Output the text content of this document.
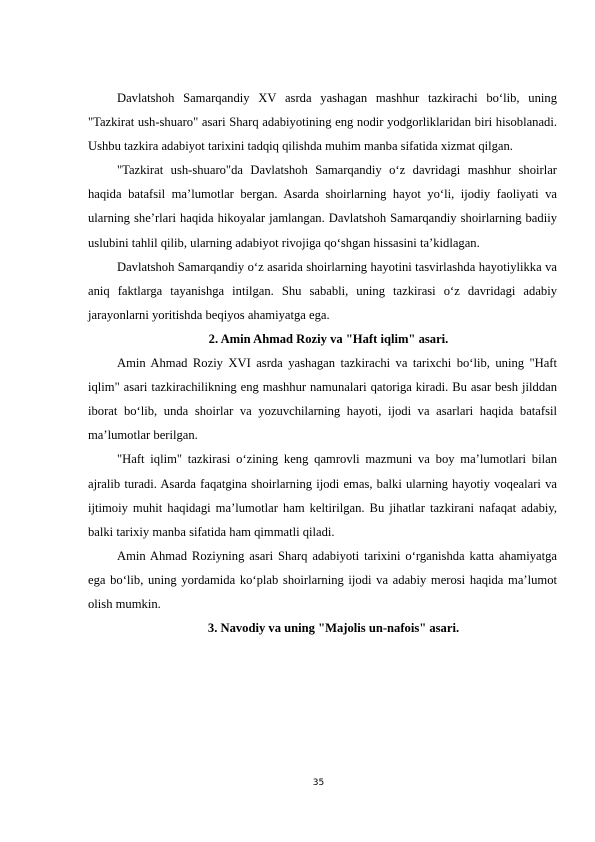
Davlatshoh Samarqandiy XV asrda yashagan mashhur tazkirachi bo‘lib, uning "Tazkirat ush-shuaro" asari Sharq adabiyotining eng nodir yodgorliklaridan biri hisoblanadi. Ushbu tazkira adabiyot tarixini tadqiq qilishda muhim manba sifatida xizmat qilgan.

"Tazkirat ush-shuaro"da Davlatshoh Samarqandiy o‘z davridagi mashhur shoirlar haqida batafsil ma’lumotlar bergan. Asarda shoirlarning hayot yo‘li, ijodiy faoliyati va ularning she’rlari haqida hikoyalar jamlangan. Davlatshoh Samarqandiy shoirlarning badiiy uslubini tahlil qilib, ularning adabiyot rivojiga qo‘shgan hissasini ta’kidlagan.

Davlatshoh Samarqandiy o‘z asarida shoirlarning hayotini tasvirlashda hayotiylikka va aniq faktlarga tayanishga intilgan. Shu sababli, uning tazkirasi o‘z davridagi adabiy jarayonlarni yoritishda beqiyos ahamiyatga ega.

2. Amin Ahmad Roziy va "Haft iqlim" asari.

Amin Ahmad Roziy XVI asrda yashagan tazkirachi va tarixchi bo‘lib, uning "Haft iqlim" asari tazkirachilikning eng mashhur namunalari qatoriga kiradi. Bu asar besh jilddan iborat bo‘lib, unda shoirlar va yozuvchilarning hayoti, ijodi va asarlari haqida batafsil ma’lumotlar berilgan.

"Haft iqlim" tazkirasi o‘zining keng qamrovli mazmuni va boy ma’lumotlari bilan ajralib turadi. Asarda faqatgina shoirlarning ijodi emas, balki ularning hayotiy voqealari va ijtimoiy muhit haqidagi ma’lumotlar ham keltirilgan. Bu jihatlar tazkirani nafaqat adabiy, balki tarixiy manba sifatida ham qimmatli qiladi.

Amin Ahmad Roziyning asari Sharq adabiyoti tarixini o‘rganishda katta ahamiyatga ega bo‘lib, uning yordamida ko‘plab shoirlarning ijodi va adabiy merosi haqida ma’lumot olish mumkin.

3. Navodiy va uning "Majolis un-nafois" asari.

35
